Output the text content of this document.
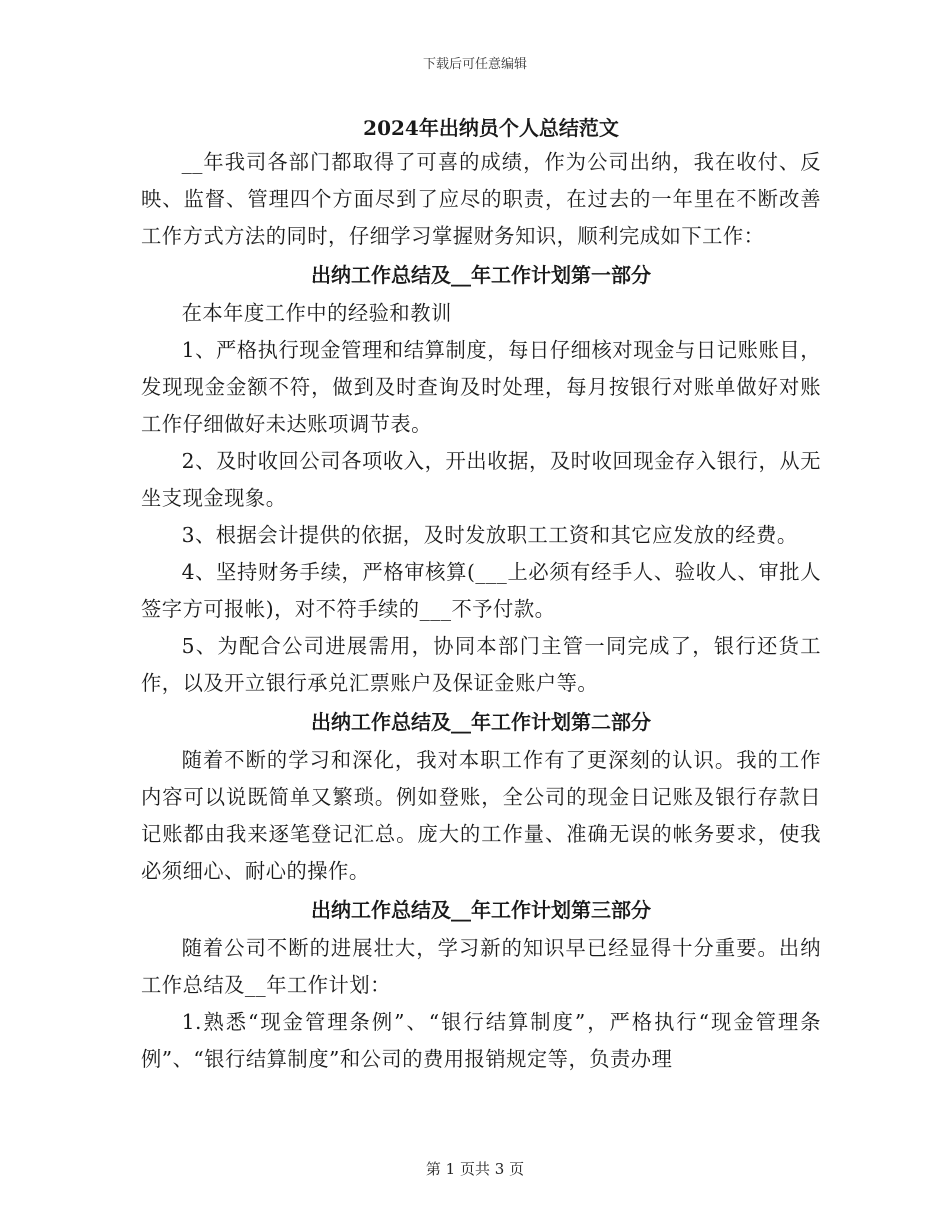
下载后可任意编辑
2024年出纳员个人总结范文

__年我司各部门都取得了可喜的成绩，作为公司出纳，我在收付、反映、监督、管理四个方面尽到了应尽的职责，在过去的一年里在不断改善工作方式方法的同时，仔细学习掌握财务知识，顺利完成如下工作：

出纳工作总结及__年工作计划第一部分

在本年度工作中的经验和教训

1、严格执行现金管理和结算制度，每日仔细核对现金与日记账账目，发现现金金额不符，做到及时查询及时处理，每月按银行对账单做好对账工作仔细做好未达账项调节表。

2、及时收回公司各项收入，开出收据，及时收回现金存入银行，从无坐支现金现象。

3、根据会计提供的依据，及时发放职工工资和其它应发放的经费。

4、坚持财务手续，严格审核算(___上必须有经手人、验收人、审批人签字方可报帐)，对不符手续的___不予付款。

5、为配合公司进展需用，协同本部门主管一同完成了，银行还货工作，以及开立银行承兑汇票账户及保证金账户等。

出纳工作总结及__年工作计划第二部分

随着不断的学习和深化，我对本职工作有了更深刻的认识。我的工作内容可以说既简单又繁琐。例如登账，全公司的现金日记账及银行存款日记账都由我来逐笔登记汇总。庞大的工作量、准确无误的帐务要求，使我必须细心、耐心的操作。

出纳工作总结及__年工作计划第三部分

随着公司不断的进展壮大，学习新的知识早已经显得十分重要。出纳工作总结及__年工作计划：

1.熟悉“现金管理条例”、“银行结算制度”，严格执行“现金管理条例”、“银行结算制度”和公司的费用报销规定等，负责办理

第 1 页共 3 页
